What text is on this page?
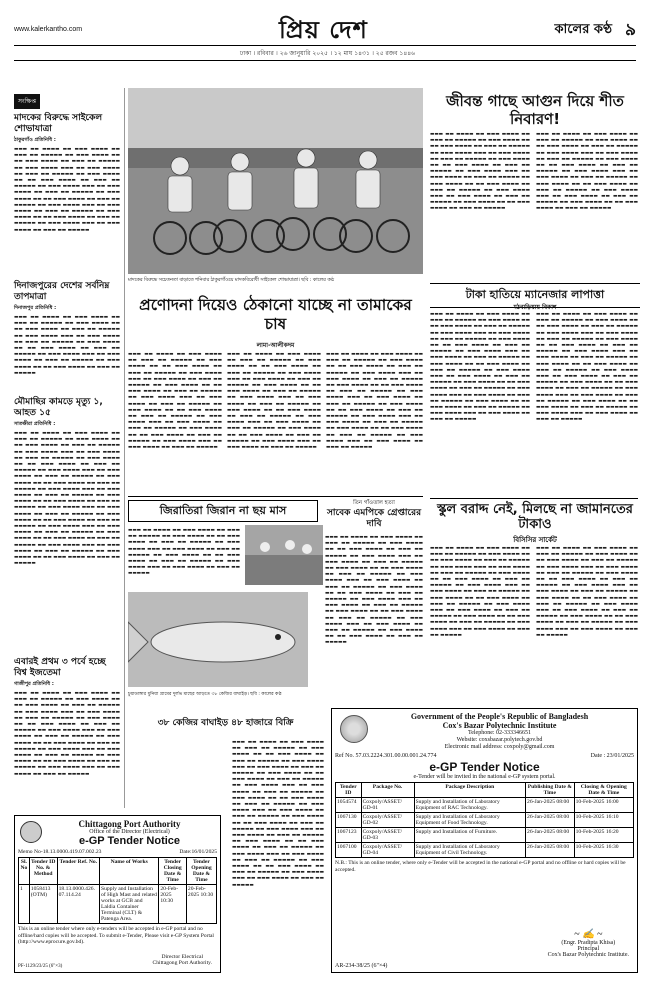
www.kalerkantho.com	প্রিয় দেশ	কালের কণ্ঠ ৯
ঢাকা । রবিবার । ২৬ জানুয়ারি ২০২৫ । ১২ মাঘ ১৪৩১ । ২৫ রজব ১৪৪৬
সংক্ষিপ্ত
মাদকের বিরুদ্ধে সাইকেল শোভাযাত্রা
ঠাকুরগাঁও প্রতিনিধি :
▬▬▬ ▬▬ ▬▬▬▬ ▬▬ ▬▬▬ ▬▬▬▬ ▬▬ ▬▬▬ ▬▬ ▬▬▬▬▬ ▬▬ ▬▬▬ ▬▬▬▬ ▬▬ ▬▬ ▬▬▬ ▬▬▬▬ ▬▬ ▬▬▬ ▬▬ ▬▬▬▬▬ ▬▬ ▬▬▬ ▬▬▬▬ ▬▬▬ ▬▬ ▬▬▬ ▬▬▬▬ ▬▬ ▬▬▬ ▬▬ ▬▬▬▬▬ ▬▬ ▬▬▬ ▬▬▬▬ ▬▬ ▬▬ ▬▬▬ ▬▬▬▬ ▬▬ ▬▬▬ ▬▬ ▬▬▬▬▬ ▬▬ ▬▬▬ ▬▬▬▬ ▬▬▬ ▬▬ ▬▬▬ ▬▬▬▬ ▬▬ ▬▬▬ ▬▬ ▬▬▬▬▬ ▬▬ ▬▬▬ ▬▬▬▬ ▬▬ ▬▬ ▬▬▬ ▬▬▬▬ ▬▬ ▬▬▬ ▬▬ ▬▬▬▬▬ ▬▬ ▬▬▬ ▬▬▬▬ ▬▬▬ ▬▬ ▬▬▬ ▬▬▬▬ ▬▬ ▬▬▬ ▬▬ ▬▬▬▬▬ ▬▬ ▬▬▬ ▬▬▬▬ ▬▬ ▬▬ ▬▬▬ ▬▬▬▬ ▬▬ ▬▬▬ ▬▬ ▬▬▬▬▬ ▬▬ ▬▬▬ ▬▬▬▬ ▬▬▬ ▬▬ ▬▬▬ ▬▬▬▬ ▬▬ ▬▬▬ ▬▬ ▬▬▬▬▬
দিনাজপুরের দেশের সর্বনিম্ন তাপমাত্রা
দিনাজপুর প্রতিনিধি :
▬▬▬ ▬▬ ▬▬▬▬ ▬▬ ▬▬▬ ▬▬▬▬ ▬▬ ▬▬▬ ▬▬ ▬▬▬▬▬ ▬▬ ▬▬▬ ▬▬▬▬ ▬▬ ▬▬ ▬▬▬ ▬▬▬▬ ▬▬ ▬▬▬ ▬▬ ▬▬▬▬▬ ▬▬ ▬▬▬ ▬▬▬▬ ▬▬▬ ▬▬ ▬▬▬ ▬▬▬▬ ▬▬ ▬▬▬ ▬▬ ▬▬▬▬▬ ▬▬ ▬▬▬ ▬▬▬▬ ▬▬ ▬▬ ▬▬▬ ▬▬▬▬ ▬▬ ▬▬▬ ▬▬ ▬▬▬▬▬ ▬▬ ▬▬▬ ▬▬▬▬ ▬▬▬ ▬▬ ▬▬▬ ▬▬▬▬ ▬▬ ▬▬▬ ▬▬ ▬▬▬▬▬ ▬▬ ▬▬▬ ▬▬▬▬ ▬▬ ▬▬ ▬▬▬ ▬▬▬▬ ▬▬ ▬▬▬ ▬▬ ▬▬▬▬▬
মৌমাছির কামড়ে মৃত্যু ১, আহত ১৫
সাতক্ষীরা প্রতিনিধি :
▬▬▬ ▬▬ ▬▬▬▬ ▬▬ ▬▬▬ ▬▬▬▬ ▬▬ ▬▬▬ ▬▬ ▬▬▬▬▬ ▬▬ ▬▬▬ ▬▬▬▬ ▬▬ ▬▬ ▬▬▬ ▬▬▬▬ ▬▬ ▬▬▬ ▬▬ ▬▬▬▬▬ ▬▬ ▬▬▬ ▬▬▬▬ ▬▬▬ ▬▬ ▬▬▬ ▬▬▬▬ ▬▬ ▬▬▬ ▬▬ ▬▬▬▬▬ ▬▬ ▬▬▬ ▬▬▬▬ ▬▬ ▬▬ ▬▬▬ ▬▬▬▬ ▬▬ ▬▬▬ ▬▬ ▬▬▬▬▬ ▬▬ ▬▬▬ ▬▬▬▬ ▬▬▬ ▬▬ ▬▬▬ ▬▬▬▬ ▬▬ ▬▬▬ ▬▬ ▬▬▬▬▬ ▬▬ ▬▬▬ ▬▬▬▬ ▬▬ ▬▬ ▬▬▬ ▬▬▬▬ ▬▬ ▬▬▬ ▬▬ ▬▬▬▬▬ ▬▬ ▬▬▬ ▬▬▬▬ ▬▬▬ ▬▬ ▬▬▬ ▬▬▬▬ ▬▬ ▬▬▬ ▬▬ ▬▬▬▬▬ ▬▬ ▬▬▬ ▬▬▬▬ ▬▬ ▬▬ ▬▬▬ ▬▬▬▬ ▬▬ ▬▬▬ ▬▬ ▬▬▬▬▬ ▬▬ ▬▬▬ ▬▬▬▬ ▬▬▬ ▬▬ ▬▬▬ ▬▬▬▬ ▬▬ ▬▬▬ ▬▬ ▬▬▬▬▬ ▬▬ ▬▬▬ ▬▬▬▬ ▬▬ ▬▬ ▬▬▬ ▬▬▬▬ ▬▬ ▬▬▬ ▬▬ ▬▬▬▬▬ ▬▬ ▬▬▬ ▬▬▬▬ ▬▬▬ ▬▬ ▬▬▬ ▬▬▬▬ ▬▬ ▬▬▬ ▬▬ ▬▬▬▬▬ ▬▬ ▬▬▬ ▬▬▬▬ ▬▬ ▬▬ ▬▬▬ ▬▬▬▬ ▬▬ ▬▬▬ ▬▬ ▬▬▬▬▬ ▬▬ ▬▬▬ ▬▬▬▬ ▬▬▬ ▬▬ ▬▬▬ ▬▬▬▬ ▬▬ ▬▬▬ ▬▬ ▬▬▬▬▬ ▬▬ ▬▬▬ ▬▬▬▬ ▬▬ ▬▬ ▬▬▬ ▬▬▬▬ ▬▬ ▬▬▬ ▬▬ ▬▬▬▬▬
এবারই প্রথম ৩ পর্বে হচ্ছে বিশ্ব ইজতেমা
গাজীপুর প্রতিনিধি :
▬▬▬ ▬▬ ▬▬▬▬ ▬▬ ▬▬▬ ▬▬▬▬ ▬▬ ▬▬▬ ▬▬ ▬▬▬▬▬ ▬▬ ▬▬▬ ▬▬▬▬ ▬▬ ▬▬ ▬▬▬ ▬▬▬▬ ▬▬ ▬▬▬ ▬▬ ▬▬▬▬▬ ▬▬ ▬▬▬ ▬▬▬▬ ▬▬▬ ▬▬ ▬▬▬ ▬▬▬▬ ▬▬ ▬▬▬ ▬▬ ▬▬▬▬▬ ▬▬ ▬▬▬ ▬▬▬▬ ▬▬ ▬▬ ▬▬▬ ▬▬▬▬ ▬▬ ▬▬▬ ▬▬ ▬▬▬▬▬ ▬▬ ▬▬▬ ▬▬▬▬ ▬▬▬ ▬▬ ▬▬▬ ▬▬▬▬ ▬▬ ▬▬▬ ▬▬ ▬▬▬▬▬ ▬▬ ▬▬▬ ▬▬▬▬ ▬▬ ▬▬ ▬▬▬ ▬▬▬▬ ▬▬ ▬▬▬ ▬▬ ▬▬▬▬▬ ▬▬ ▬▬▬ ▬▬▬▬ ▬▬▬ ▬▬ ▬▬▬ ▬▬▬▬ ▬▬ ▬▬▬ ▬▬ ▬▬▬▬▬ ▬▬ ▬▬▬ ▬▬▬▬ ▬▬ ▬▬ ▬▬▬ ▬▬▬▬ ▬▬ ▬▬▬ ▬▬ ▬▬▬▬▬ ▬▬ ▬▬▬ ▬▬▬▬ ▬▬▬ ▬▬ ▬▬▬ ▬▬▬▬ ▬▬ ▬▬▬ ▬▬ ▬▬▬▬▬
মাদকের বিরুদ্ধে সচেতনতা বাড়াতে শনিবার ঠাকুরগাঁওয়ে মাদকবিরোধী সাইকেল শোভাযাত্রা। ছবি : কালের কণ্ঠ
জীবন্ত গাছে আগুন দিয়ে শীত নিবারণ!
▬▬▬ ▬▬ ▬▬▬▬ ▬▬ ▬▬▬ ▬▬▬▬ ▬▬ ▬▬▬ ▬▬ ▬▬▬▬▬ ▬▬ ▬▬▬ ▬▬▬▬ ▬▬ ▬▬ ▬▬▬ ▬▬▬▬ ▬▬ ▬▬▬ ▬▬ ▬▬▬▬▬ ▬▬ ▬▬▬ ▬▬▬▬ ▬▬▬ ▬▬ ▬▬▬ ▬▬▬▬ ▬▬ ▬▬▬ ▬▬ ▬▬▬▬▬ ▬▬ ▬▬▬ ▬▬▬▬ ▬▬ ▬▬ ▬▬▬ ▬▬▬▬ ▬▬ ▬▬▬ ▬▬ ▬▬▬▬▬ ▬▬ ▬▬▬ ▬▬▬▬ ▬▬▬ ▬▬ ▬▬▬ ▬▬▬▬ ▬▬ ▬▬▬ ▬▬ ▬▬▬▬▬ ▬▬ ▬▬▬ ▬▬▬▬ ▬▬ ▬▬ ▬▬▬ ▬▬▬▬ ▬▬ ▬▬▬ ▬▬ ▬▬▬▬▬ ▬▬ ▬▬▬ ▬▬▬▬ ▬▬▬ ▬▬ ▬▬▬ ▬▬▬▬ ▬▬ ▬▬▬ ▬▬ ▬▬▬▬▬ ▬▬ ▬▬▬ ▬▬▬▬ ▬▬ ▬▬ ▬▬▬ ▬▬▬▬ ▬▬ ▬▬▬ ▬▬ ▬▬▬▬▬
▬▬▬ ▬▬ ▬▬▬▬ ▬▬ ▬▬▬ ▬▬▬▬ ▬▬ ▬▬▬ ▬▬ ▬▬▬▬▬ ▬▬ ▬▬▬ ▬▬▬▬ ▬▬ ▬▬ ▬▬▬ ▬▬▬▬ ▬▬ ▬▬▬ ▬▬ ▬▬▬▬▬ ▬▬ ▬▬▬ ▬▬▬▬ ▬▬▬ ▬▬ ▬▬▬ ▬▬▬▬ ▬▬ ▬▬▬ ▬▬ ▬▬▬▬▬ ▬▬ ▬▬▬ ▬▬▬▬ ▬▬ ▬▬ ▬▬▬ ▬▬▬▬ ▬▬ ▬▬▬ ▬▬ ▬▬▬▬▬ ▬▬ ▬▬▬ ▬▬▬▬ ▬▬▬ ▬▬ ▬▬▬ ▬▬▬▬ ▬▬ ▬▬▬ ▬▬ ▬▬▬▬▬ ▬▬ ▬▬▬ ▬▬▬▬ ▬▬ ▬▬ ▬▬▬ ▬▬▬▬ ▬▬ ▬▬▬ ▬▬ ▬▬▬▬▬ ▬▬ ▬▬▬ ▬▬▬▬ ▬▬▬ ▬▬ ▬▬▬ ▬▬▬▬ ▬▬ ▬▬▬ ▬▬ ▬▬▬▬▬ ▬▬ ▬▬▬ ▬▬▬▬ ▬▬ ▬▬ ▬▬▬ ▬▬▬▬ ▬▬ ▬▬▬ ▬▬ ▬▬▬▬▬
প্রণোদনা দিয়েও ঠেকানো যাচ্ছে না তামাকের চাষ
লামা-আলীকদম
▬▬▬ ▬▬ ▬▬▬▬ ▬▬ ▬▬▬ ▬▬▬▬ ▬▬ ▬▬▬ ▬▬ ▬▬▬▬▬ ▬▬ ▬▬▬ ▬▬▬▬ ▬▬ ▬▬ ▬▬▬ ▬▬▬▬ ▬▬ ▬▬▬ ▬▬ ▬▬▬▬▬ ▬▬ ▬▬▬ ▬▬▬▬ ▬▬▬ ▬▬ ▬▬▬ ▬▬▬▬ ▬▬ ▬▬▬ ▬▬ ▬▬▬▬▬ ▬▬ ▬▬▬ ▬▬▬▬ ▬▬ ▬▬ ▬▬▬ ▬▬▬▬ ▬▬ ▬▬▬ ▬▬ ▬▬▬▬▬ ▬▬ ▬▬▬ ▬▬▬▬ ▬▬▬ ▬▬ ▬▬▬ ▬▬▬▬ ▬▬ ▬▬▬ ▬▬ ▬▬▬▬▬ ▬▬ ▬▬▬ ▬▬▬▬ ▬▬ ▬▬ ▬▬▬ ▬▬▬▬ ▬▬ ▬▬▬ ▬▬ ▬▬▬▬▬ ▬▬ ▬▬▬ ▬▬▬▬ ▬▬▬ ▬▬ ▬▬▬ ▬▬▬▬ ▬▬ ▬▬▬ ▬▬ ▬▬▬▬▬ ▬▬ ▬▬▬ ▬▬▬▬ ▬▬ ▬▬ ▬▬▬ ▬▬▬▬ ▬▬ ▬▬▬ ▬▬ ▬▬▬▬▬ ▬▬ ▬▬▬ ▬▬▬▬ ▬▬▬ ▬▬ ▬▬▬ ▬▬▬▬ ▬▬ ▬▬▬ ▬▬ ▬▬▬▬▬
▬▬▬ ▬▬ ▬▬▬▬ ▬▬ ▬▬▬ ▬▬▬▬ ▬▬ ▬▬▬ ▬▬ ▬▬▬▬▬ ▬▬ ▬▬▬ ▬▬▬▬ ▬▬ ▬▬ ▬▬▬ ▬▬▬▬ ▬▬ ▬▬▬ ▬▬ ▬▬▬▬▬ ▬▬ ▬▬▬ ▬▬▬▬ ▬▬▬ ▬▬ ▬▬▬ ▬▬▬▬ ▬▬ ▬▬▬ ▬▬ ▬▬▬▬▬ ▬▬ ▬▬▬ ▬▬▬▬ ▬▬ ▬▬ ▬▬▬ ▬▬▬▬ ▬▬ ▬▬▬ ▬▬ ▬▬▬▬▬ ▬▬ ▬▬▬ ▬▬▬▬ ▬▬▬ ▬▬ ▬▬▬ ▬▬▬▬ ▬▬ ▬▬▬ ▬▬ ▬▬▬▬▬ ▬▬ ▬▬▬ ▬▬▬▬ ▬▬ ▬▬ ▬▬▬ ▬▬▬▬ ▬▬ ▬▬▬ ▬▬ ▬▬▬▬▬ ▬▬ ▬▬▬ ▬▬▬▬ ▬▬▬ ▬▬ ▬▬▬ ▬▬▬▬ ▬▬ ▬▬▬ ▬▬ ▬▬▬▬▬ ▬▬ ▬▬▬ ▬▬▬▬ ▬▬ ▬▬ ▬▬▬ ▬▬▬▬ ▬▬ ▬▬▬ ▬▬ ▬▬▬▬▬ ▬▬ ▬▬▬ ▬▬▬▬ ▬▬▬ ▬▬ ▬▬▬ ▬▬▬▬ ▬▬ ▬▬▬ ▬▬ ▬▬▬▬▬
▬▬▬ ▬▬ ▬▬▬▬ ▬▬ ▬▬▬ ▬▬▬▬ ▬▬ ▬▬▬ ▬▬ ▬▬▬▬▬ ▬▬ ▬▬▬ ▬▬▬▬ ▬▬ ▬▬ ▬▬▬ ▬▬▬▬ ▬▬ ▬▬▬ ▬▬ ▬▬▬▬▬ ▬▬ ▬▬▬ ▬▬▬▬ ▬▬▬ ▬▬ ▬▬▬ ▬▬▬▬ ▬▬ ▬▬▬ ▬▬ ▬▬▬▬▬ ▬▬ ▬▬▬ ▬▬▬▬ ▬▬ ▬▬ ▬▬▬ ▬▬▬▬ ▬▬ ▬▬▬ ▬▬ ▬▬▬▬▬ ▬▬ ▬▬▬ ▬▬▬▬ ▬▬▬ ▬▬ ▬▬▬ ▬▬▬▬ ▬▬ ▬▬▬ ▬▬ ▬▬▬▬▬ ▬▬ ▬▬▬ ▬▬▬▬ ▬▬ ▬▬ ▬▬▬ ▬▬▬▬ ▬▬ ▬▬▬ ▬▬ ▬▬▬▬▬ ▬▬ ▬▬▬ ▬▬▬▬ ▬▬▬ ▬▬ ▬▬▬ ▬▬▬▬ ▬▬ ▬▬▬ ▬▬ ▬▬▬▬▬ ▬▬ ▬▬▬ ▬▬▬▬ ▬▬ ▬▬ ▬▬▬ ▬▬▬▬ ▬▬ ▬▬▬ ▬▬ ▬▬▬▬▬ ▬▬ ▬▬▬ ▬▬▬▬ ▬▬▬ ▬▬ ▬▬▬ ▬▬▬▬ ▬▬ ▬▬▬ ▬▬ ▬▬▬▬▬
টাকা হাতিয়ে ম্যানেজার লাপাত্তা
মঠবাড়িয়ায় বিকাশ
▬▬▬ ▬▬ ▬▬▬▬ ▬▬ ▬▬▬ ▬▬▬▬ ▬▬ ▬▬▬ ▬▬ ▬▬▬▬▬ ▬▬ ▬▬▬ ▬▬▬▬ ▬▬ ▬▬ ▬▬▬ ▬▬▬▬ ▬▬ ▬▬▬ ▬▬ ▬▬▬▬▬ ▬▬ ▬▬▬ ▬▬▬▬ ▬▬▬ ▬▬ ▬▬▬ ▬▬▬▬ ▬▬ ▬▬▬ ▬▬ ▬▬▬▬▬ ▬▬ ▬▬▬ ▬▬▬▬ ▬▬ ▬▬ ▬▬▬ ▬▬▬▬ ▬▬ ▬▬▬ ▬▬ ▬▬▬▬▬ ▬▬ ▬▬▬ ▬▬▬▬ ▬▬▬ ▬▬ ▬▬▬ ▬▬▬▬ ▬▬ ▬▬▬ ▬▬ ▬▬▬▬▬ ▬▬ ▬▬▬ ▬▬▬▬ ▬▬ ▬▬ ▬▬▬ ▬▬▬▬ ▬▬ ▬▬▬ ▬▬ ▬▬▬▬▬ ▬▬ ▬▬▬ ▬▬▬▬ ▬▬▬ ▬▬ ▬▬▬ ▬▬▬▬ ▬▬ ▬▬▬ ▬▬ ▬▬▬▬▬ ▬▬ ▬▬▬ ▬▬▬▬ ▬▬ ▬▬ ▬▬▬ ▬▬▬▬ ▬▬ ▬▬▬ ▬▬ ▬▬▬▬▬ ▬▬ ▬▬▬ ▬▬▬▬ ▬▬▬ ▬▬ ▬▬▬ ▬▬▬▬ ▬▬ ▬▬▬ ▬▬ ▬▬▬▬▬ ▬▬ ▬▬▬ ▬▬▬▬ ▬▬ ▬▬ ▬▬▬ ▬▬▬▬ ▬▬ ▬▬▬ ▬▬ ▬▬▬▬▬ ▬▬ ▬▬▬ ▬▬▬▬ ▬▬▬ ▬▬ ▬▬▬ ▬▬▬▬ ▬▬ ▬▬▬ ▬▬ ▬▬▬▬▬
▬▬▬ ▬▬ ▬▬▬▬ ▬▬ ▬▬▬ ▬▬▬▬ ▬▬ ▬▬▬ ▬▬ ▬▬▬▬▬ ▬▬ ▬▬▬ ▬▬▬▬ ▬▬ ▬▬ ▬▬▬ ▬▬▬▬ ▬▬ ▬▬▬ ▬▬ ▬▬▬▬▬ ▬▬ ▬▬▬ ▬▬▬▬ ▬▬▬ ▬▬ ▬▬▬ ▬▬▬▬ ▬▬ ▬▬▬ ▬▬ ▬▬▬▬▬ ▬▬ ▬▬▬ ▬▬▬▬ ▬▬ ▬▬ ▬▬▬ ▬▬▬▬ ▬▬ ▬▬▬ ▬▬ ▬▬▬▬▬ ▬▬ ▬▬▬ ▬▬▬▬ ▬▬▬ ▬▬ ▬▬▬ ▬▬▬▬ ▬▬ ▬▬▬ ▬▬ ▬▬▬▬▬ ▬▬ ▬▬▬ ▬▬▬▬ ▬▬ ▬▬ ▬▬▬ ▬▬▬▬ ▬▬ ▬▬▬ ▬▬ ▬▬▬▬▬ ▬▬ ▬▬▬ ▬▬▬▬ ▬▬▬ ▬▬ ▬▬▬ ▬▬▬▬ ▬▬ ▬▬▬ ▬▬ ▬▬▬▬▬ ▬▬ ▬▬▬ ▬▬▬▬ ▬▬ ▬▬ ▬▬▬ ▬▬▬▬ ▬▬ ▬▬▬ ▬▬ ▬▬▬▬▬ ▬▬ ▬▬▬ ▬▬▬▬ ▬▬▬ ▬▬ ▬▬▬ ▬▬▬▬ ▬▬ ▬▬▬ ▬▬ ▬▬▬▬▬ ▬▬ ▬▬▬ ▬▬▬▬ ▬▬ ▬▬ ▬▬▬ ▬▬▬▬ ▬▬ ▬▬▬ ▬▬ ▬▬▬▬▬ ▬▬ ▬▬▬ ▬▬▬▬ ▬▬▬ ▬▬ ▬▬▬ ▬▬▬▬ ▬▬ ▬▬▬ ▬▬ ▬▬▬▬▬
জিরাতিরা জিরান না ছয় মাস
▬▬▬ ▬▬ ▬▬▬▬ ▬▬ ▬▬▬ ▬▬▬▬ ▬▬ ▬▬▬ ▬▬ ▬▬▬▬▬ ▬▬ ▬▬▬ ▬▬▬▬ ▬▬ ▬▬ ▬▬▬ ▬▬▬▬ ▬▬ ▬▬▬ ▬▬ ▬▬▬▬▬ ▬▬ ▬▬▬ ▬▬▬▬ ▬▬▬ ▬▬ ▬▬▬ ▬▬▬▬ ▬▬ ▬▬▬ ▬▬ ▬▬▬▬▬ ▬▬ ▬▬▬ ▬▬▬▬ ▬▬ ▬▬ ▬▬▬ ▬▬▬▬ ▬▬ ▬▬▬ ▬▬ ▬▬▬▬▬ ▬▬ ▬▬▬ ▬▬▬▬ ▬▬▬ ▬▬ ▬▬▬ ▬▬▬▬ ▬▬ ▬▬▬ ▬▬ ▬▬▬▬▬
তিন গাঁওতাল হত্যা
সাবেক এমপিকে গ্রেপ্তারের দাবি
▬▬▬ ▬▬ ▬▬▬▬ ▬▬ ▬▬▬ ▬▬▬▬ ▬▬ ▬▬▬ ▬▬ ▬▬▬▬▬ ▬▬ ▬▬▬ ▬▬▬▬ ▬▬ ▬▬ ▬▬▬ ▬▬▬▬ ▬▬ ▬▬▬ ▬▬ ▬▬▬▬▬ ▬▬ ▬▬▬ ▬▬▬▬ ▬▬▬ ▬▬ ▬▬▬ ▬▬▬▬ ▬▬ ▬▬▬ ▬▬ ▬▬▬▬▬ ▬▬ ▬▬▬ ▬▬▬▬ ▬▬ ▬▬ ▬▬▬ ▬▬▬▬ ▬▬ ▬▬▬ ▬▬ ▬▬▬▬▬ ▬▬ ▬▬▬ ▬▬▬▬ ▬▬▬ ▬▬ ▬▬▬ ▬▬▬▬ ▬▬ ▬▬▬ ▬▬ ▬▬▬▬▬ ▬▬ ▬▬▬ ▬▬▬▬ ▬▬ ▬▬ ▬▬▬ ▬▬▬▬ ▬▬ ▬▬▬ ▬▬ ▬▬▬▬▬ ▬▬ ▬▬▬ ▬▬▬▬ ▬▬▬ ▬▬ ▬▬▬ ▬▬▬▬ ▬▬ ▬▬▬ ▬▬ ▬▬▬▬▬ ▬▬ ▬▬▬ ▬▬▬▬ ▬▬ ▬▬ ▬▬▬ ▬▬▬▬ ▬▬ ▬▬▬ ▬▬ ▬▬▬▬▬ ▬▬ ▬▬▬ ▬▬▬▬ ▬▬▬ ▬▬ ▬▬▬ ▬▬▬▬ ▬▬ ▬▬▬ ▬▬ ▬▬▬▬▬ ▬▬ ▬▬▬ ▬▬▬▬ ▬▬ ▬▬ ▬▬▬ ▬▬▬▬ ▬▬ ▬▬▬ ▬▬ ▬▬▬▬▬
স্কুল বরাদ্দ নেই, মিলছে না জামানতের টাকাও
বিসিসির সার্কেট
▬▬▬ ▬▬ ▬▬▬▬ ▬▬ ▬▬▬ ▬▬▬▬ ▬▬ ▬▬▬ ▬▬ ▬▬▬▬▬ ▬▬ ▬▬▬ ▬▬▬▬ ▬▬ ▬▬ ▬▬▬ ▬▬▬▬ ▬▬ ▬▬▬ ▬▬ ▬▬▬▬▬ ▬▬ ▬▬▬ ▬▬▬▬ ▬▬▬ ▬▬ ▬▬▬ ▬▬▬▬ ▬▬ ▬▬▬ ▬▬ ▬▬▬▬▬ ▬▬ ▬▬▬ ▬▬▬▬ ▬▬ ▬▬ ▬▬▬ ▬▬▬▬ ▬▬ ▬▬▬ ▬▬ ▬▬▬▬▬ ▬▬ ▬▬▬ ▬▬▬▬ ▬▬▬ ▬▬ ▬▬▬ ▬▬▬▬ ▬▬ ▬▬▬ ▬▬ ▬▬▬▬▬ ▬▬ ▬▬▬ ▬▬▬▬ ▬▬ ▬▬ ▬▬▬ ▬▬▬▬ ▬▬ ▬▬▬ ▬▬ ▬▬▬▬▬ ▬▬ ▬▬▬ ▬▬▬▬ ▬▬▬ ▬▬ ▬▬▬ ▬▬▬▬ ▬▬ ▬▬▬ ▬▬ ▬▬▬▬▬ ▬▬ ▬▬▬ ▬▬▬▬ ▬▬ ▬▬ ▬▬▬ ▬▬▬▬ ▬▬ ▬▬▬ ▬▬ ▬▬▬▬▬ ▬▬ ▬▬▬ ▬▬▬▬ ▬▬▬ ▬▬ ▬▬▬ ▬▬▬▬ ▬▬ ▬▬▬ ▬▬ ▬▬▬▬▬
▬▬▬ ▬▬ ▬▬▬▬ ▬▬ ▬▬▬ ▬▬▬▬ ▬▬ ▬▬▬ ▬▬ ▬▬▬▬▬ ▬▬ ▬▬▬ ▬▬▬▬ ▬▬ ▬▬ ▬▬▬ ▬▬▬▬ ▬▬ ▬▬▬ ▬▬ ▬▬▬▬▬ ▬▬ ▬▬▬ ▬▬▬▬ ▬▬▬ ▬▬ ▬▬▬ ▬▬▬▬ ▬▬ ▬▬▬ ▬▬ ▬▬▬▬▬ ▬▬ ▬▬▬ ▬▬▬▬ ▬▬ ▬▬ ▬▬▬ ▬▬▬▬ ▬▬ ▬▬▬ ▬▬ ▬▬▬▬▬ ▬▬ ▬▬▬ ▬▬▬▬ ▬▬▬ ▬▬ ▬▬▬ ▬▬▬▬ ▬▬ ▬▬▬ ▬▬ ▬▬▬▬▬ ▬▬ ▬▬▬ ▬▬▬▬ ▬▬ ▬▬ ▬▬▬ ▬▬▬▬ ▬▬ ▬▬▬ ▬▬ ▬▬▬▬▬ ▬▬ ▬▬▬ ▬▬▬▬ ▬▬▬ ▬▬ ▬▬▬ ▬▬▬▬ ▬▬ ▬▬▬ ▬▬ ▬▬▬▬▬ ▬▬ ▬▬▬ ▬▬▬▬ ▬▬ ▬▬ ▬▬▬ ▬▬▬▬ ▬▬ ▬▬▬ ▬▬ ▬▬▬▬▬ ▬▬ ▬▬▬ ▬▬▬▬ ▬▬▬ ▬▬ ▬▬▬ ▬▬▬▬ ▬▬ ▬▬▬ ▬▬ ▬▬▬▬▬
চুয়াডাঙ্গার ধুনিয়া গ্রামের দুর্লভ মাছের আড়তে ৩৮ কেজির বাঘাইড়। ছবি : কালের কণ্ঠ
৩৮ কেজির বাঘাইড় ৪৮ হাজারে বিক্রি
▬▬▬ ▬▬ ▬▬▬▬ ▬▬ ▬▬▬ ▬▬▬▬ ▬▬ ▬▬▬ ▬▬ ▬▬▬▬▬ ▬▬ ▬▬▬ ▬▬▬▬ ▬▬ ▬▬ ▬▬▬ ▬▬▬▬ ▬▬ ▬▬▬ ▬▬ ▬▬▬▬▬ ▬▬ ▬▬▬ ▬▬▬▬ ▬▬▬ ▬▬ ▬▬▬ ▬▬▬▬ ▬▬ ▬▬▬ ▬▬ ▬▬▬▬▬ ▬▬ ▬▬▬ ▬▬▬▬ ▬▬ ▬▬ ▬▬▬ ▬▬▬▬ ▬▬ ▬▬▬ ▬▬ ▬▬▬▬▬ ▬▬ ▬▬▬ ▬▬▬▬ ▬▬▬ ▬▬ ▬▬▬ ▬▬▬▬ ▬▬ ▬▬▬ ▬▬ ▬▬▬▬▬ ▬▬ ▬▬▬ ▬▬▬▬ ▬▬ ▬▬ ▬▬▬ ▬▬▬▬ ▬▬ ▬▬▬ ▬▬ ▬▬▬▬▬ ▬▬ ▬▬▬ ▬▬▬▬ ▬▬▬ ▬▬ ▬▬▬ ▬▬▬▬ ▬▬ ▬▬▬ ▬▬ ▬▬▬▬▬ ▬▬ ▬▬▬ ▬▬▬▬ ▬▬ ▬▬ ▬▬▬ ▬▬▬▬ ▬▬ ▬▬▬ ▬▬ ▬▬▬▬▬ ▬▬ ▬▬▬ ▬▬▬▬ ▬▬▬ ▬▬ ▬▬▬ ▬▬▬▬ ▬▬ ▬▬▬ ▬▬ ▬▬▬▬▬ ▬▬ ▬▬▬ ▬▬▬▬ ▬▬ ▬▬ ▬▬▬ ▬▬▬▬ ▬▬ ▬▬▬ ▬▬ ▬▬▬▬▬ ▬▬ ▬▬▬ ▬▬▬▬ ▬▬▬ ▬▬ ▬▬▬ ▬▬▬▬ ▬▬ ▬▬▬ ▬▬ ▬▬▬▬▬ ▬▬ ▬▬▬ ▬▬▬▬ ▬▬ ▬▬ ▬▬▬ ▬▬▬▬ ▬▬ ▬▬▬ ▬▬ ▬▬▬▬▬ ▬▬ ▬▬▬ ▬▬▬▬ ▬▬▬ ▬▬ ▬▬▬ ▬▬▬▬ ▬▬ ▬▬▬ ▬▬ ▬▬▬▬▬
Government of the People's Republic of Bangladesh
Cox's Bazar Polytechnic Institute
Telephone: 02-333346651
Website: coxsbazar.polytech.gov.bd
Electronic mail address: coxpoly@gmail.com
Ref No. 57.03.2224.301.00.00.001.24.774	Date : 23/01/2025
e-GP Tender Notice
e-Tender will be invited in the national e-GP system portal.
Tender ID	Package No.	Package Description	Publishing Date & Time	Closing & Opening Date & Time
1054574	Coxpoly/ASSET/ GD-01	Supply and Installation of Laboratory Equipment of RAC Technology.	26-Jan-2025 08:00	10-Feb-2025 16:00
1067130	Coxpoly/ASSET/ GD-02	Supply and Installation of Laboratory Equipment of Food Technology.	26-Jan-2025 08:00	10-Feb-2025 16:10
1067123	Coxpoly/ASSET/ GD-03	Supply and Installation of Furniture.	26-Jan-2025 08:00	10-Feb-2025 16:20
1067100	Coxpoly/ASSET/ GD-04	Supply and Installation of Laboratory Equipment of Civil Technology.	26-Jan-2025 08:00	10-Feb-2025 16:30
N.B.: This is an online tender, where only e-Tender will be accepted in the national e-GP portal and no offline or hard copies will be accepted.
~ ✍ ~
(Engr. Pradipta Khisa)
Principal
Cox's Bazar Polytechnic Institute.
AR-234-38/25 (6"×4)
Chittagong Port Authority
Office of the Director (Electrical)
e-GP Tender Notice
Memo No-18.13.0000.419.07.002.23	Date:16/01/2025
Sl. No	Tender ID No. & Method	Tender Ref. No.	Name of Works	Tender Closing Date & Time	Tender Opening Date & Time
1	1058413 (OTM)	18.13.0000.426. 07.114.24	Supply and Installation of High Mast and related works at GCB and Laldia Container Terminal (CLT) & Patenga Area.	20-Feb-2025 10:30	20-Feb-2025 10:30
This is an online tender where only e-tenders will be accepted in e-GP portal and no offline/hard copies will be accepted. To submit e-Tender, Please visit e-GP System Portal (http://www.eprocure.gov.bd).
Director Electrical
Chittagong Port Authority.
PF-1129/23/25 (6"×3)
